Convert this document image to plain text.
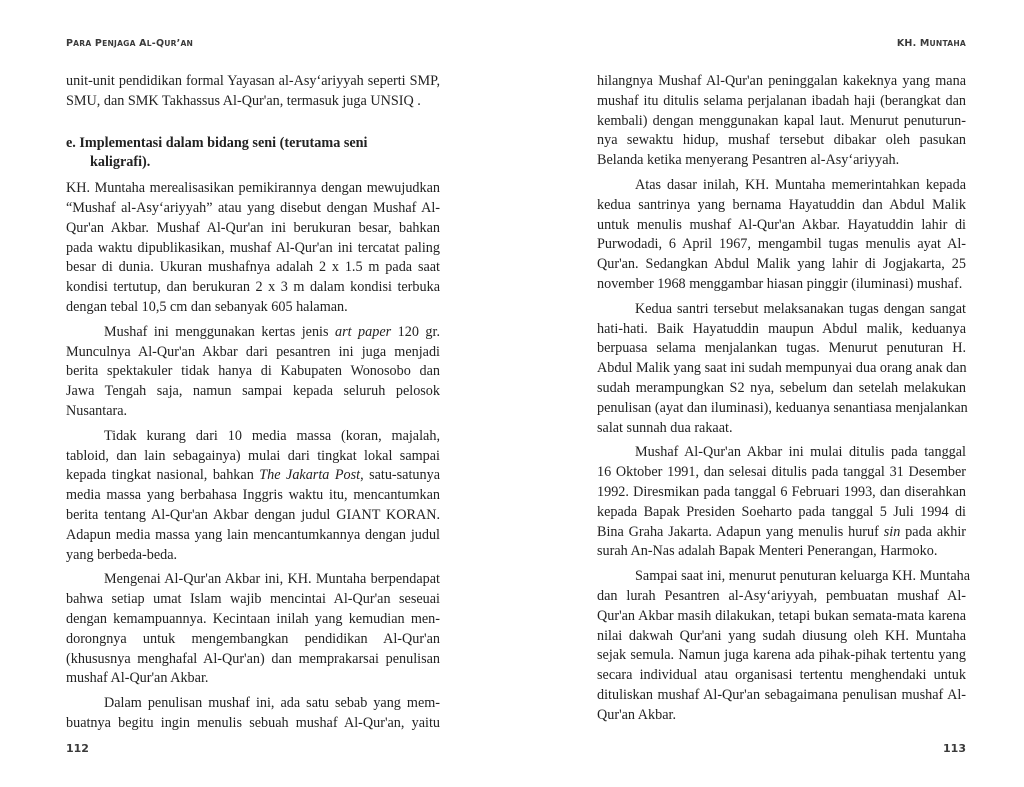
PARA PENJAGA AL-QUR’AN	KH. MUNTAHA
unit-unit pendidikan formal Yayasan al-Asy‘ariyyah seperti SMP,
SMU, dan SMK Takhassus Al-Qur'an, termasuk juga UNSIQ .
e. Implementasi dalam bidang seni (terutama seni
kaligrafi).
KH. Muntaha merealisasikan pemikirannya dengan mewujudkan
“Mushaf al-Asy‘ariyyah” atau yang disebut dengan Mushaf Al-
Qur'an Akbar. Mushaf Al-Qur'an ini berukuran besar, bahkan
pada waktu dipublikasikan, mushaf Al-Qur'an ini tercatat paling
besar di dunia. Ukuran mushafnya adalah 2 x 1.5 m pada saat
kondisi tertutup, dan berukuran 2 x 3 m dalam kondisi terbuka
dengan tebal 10,5 cm dan sebanyak 605 halaman.
Mushaf ini menggunakan kertas jenis art paper 120 gr.
Munculnya Al-Qur'an Akbar dari pesantren ini juga menjadi
berita spektakuler tidak hanya di Kabupaten Wonosobo dan
Jawa Tengah saja, namun sampai kepada seluruh pelosok
Nusantara.
Tidak kurang dari 10 media massa (koran, majalah,
tabloid, dan lain sebagainya) mulai dari tingkat lokal sampai
kepada tingkat nasional, bahkan The Jakarta Post, satu-satunya
media massa yang berbahasa Inggris waktu itu, mencantumkan
berita tentang Al-Qur'an Akbar dengan judul GIANT KORAN.
Adapun media massa yang lain mencantumkannya dengan judul
yang berbeda-beda.
Mengenai Al-Qur'an Akbar ini, KH. Muntaha berpendapat
bahwa setiap umat Islam wajib mencintai Al-Qur'an seseuai
dengan kemampuannya. Kecintaan inilah yang kemudian men-
dorongnya untuk mengembangkan pendidikan Al-Qur'an
(khususnya menghafal Al-Qur'an) dan memprakarsai penulisan
mushaf Al-Qur'an Akbar.
Dalam penulisan mushaf ini, ada satu sebab yang mem-
buatnya begitu ingin menulis sebuah mushaf Al-Qur'an, yaitu
hilangnya Mushaf Al-Qur'an peninggalan kakeknya yang mana
mushaf itu ditulis selama perjalanan ibadah haji (berangkat dan
kembali) dengan menggunakan kapal laut. Menurut penuturun-
nya sewaktu hidup, mushaf tersebut dibakar oleh pasukan
Belanda ketika menyerang Pesantren al-Asy‘ariyyah.
Atas dasar inilah, KH. Muntaha memerintahkan kepada
kedua santrinya yang bernama Hayatuddin dan Abdul Malik
untuk menulis mushaf Al-Qur'an Akbar. Hayatuddin lahir di
Purwodadi, 6 April 1967, mengambil tugas menulis ayat Al-
Qur'an. Sedangkan Abdul Malik yang lahir di Jogjakarta, 25
november 1968 menggambar hiasan pinggir (iluminasi) mushaf.
Kedua santri tersebut melaksanakan tugas dengan sangat
hati-hati. Baik Hayatuddin maupun Abdul malik, keduanya
berpuasa selama menjalankan tugas. Menurut penuturan H.
Abdul Malik yang saat ini sudah mempunyai dua orang anak dan
sudah merampungkan S2 nya, sebelum dan setelah melakukan
penulisan (ayat dan iluminasi), keduanya senantiasa menjalankan
salat sunnah dua rakaat.
Mushaf Al-Qur'an Akbar ini mulai ditulis pada tanggal
16 Oktober 1991, dan selesai ditulis pada tanggal 31 Desember
1992. Diresmikan pada tanggal 6 Februari 1993, dan diserahkan
kepada Bapak Presiden Soeharto pada tanggal 5 Juli 1994 di
Bina Graha Jakarta. Adapun yang menulis huruf sin pada akhir
surah An-Nas adalah Bapak Menteri Penerangan, Harmoko.
Sampai saat ini, menurut penuturan keluarga KH. Muntaha
dan lurah Pesantren al-Asy‘ariyyah, pembuatan mushaf Al-
Qur'an Akbar masih dilakukan, tetapi bukan semata-mata karena
nilai dakwah Qur'ani yang sudah diusung oleh KH. Muntaha
sejak semula. Namun juga karena ada pihak-pihak tertentu yang
secara individual atau organisasi tertentu menghendaki untuk
dituliskan mushaf Al-Qur'an sebagaimana penulisan mushaf Al-
Qur'an Akbar.
112	113
